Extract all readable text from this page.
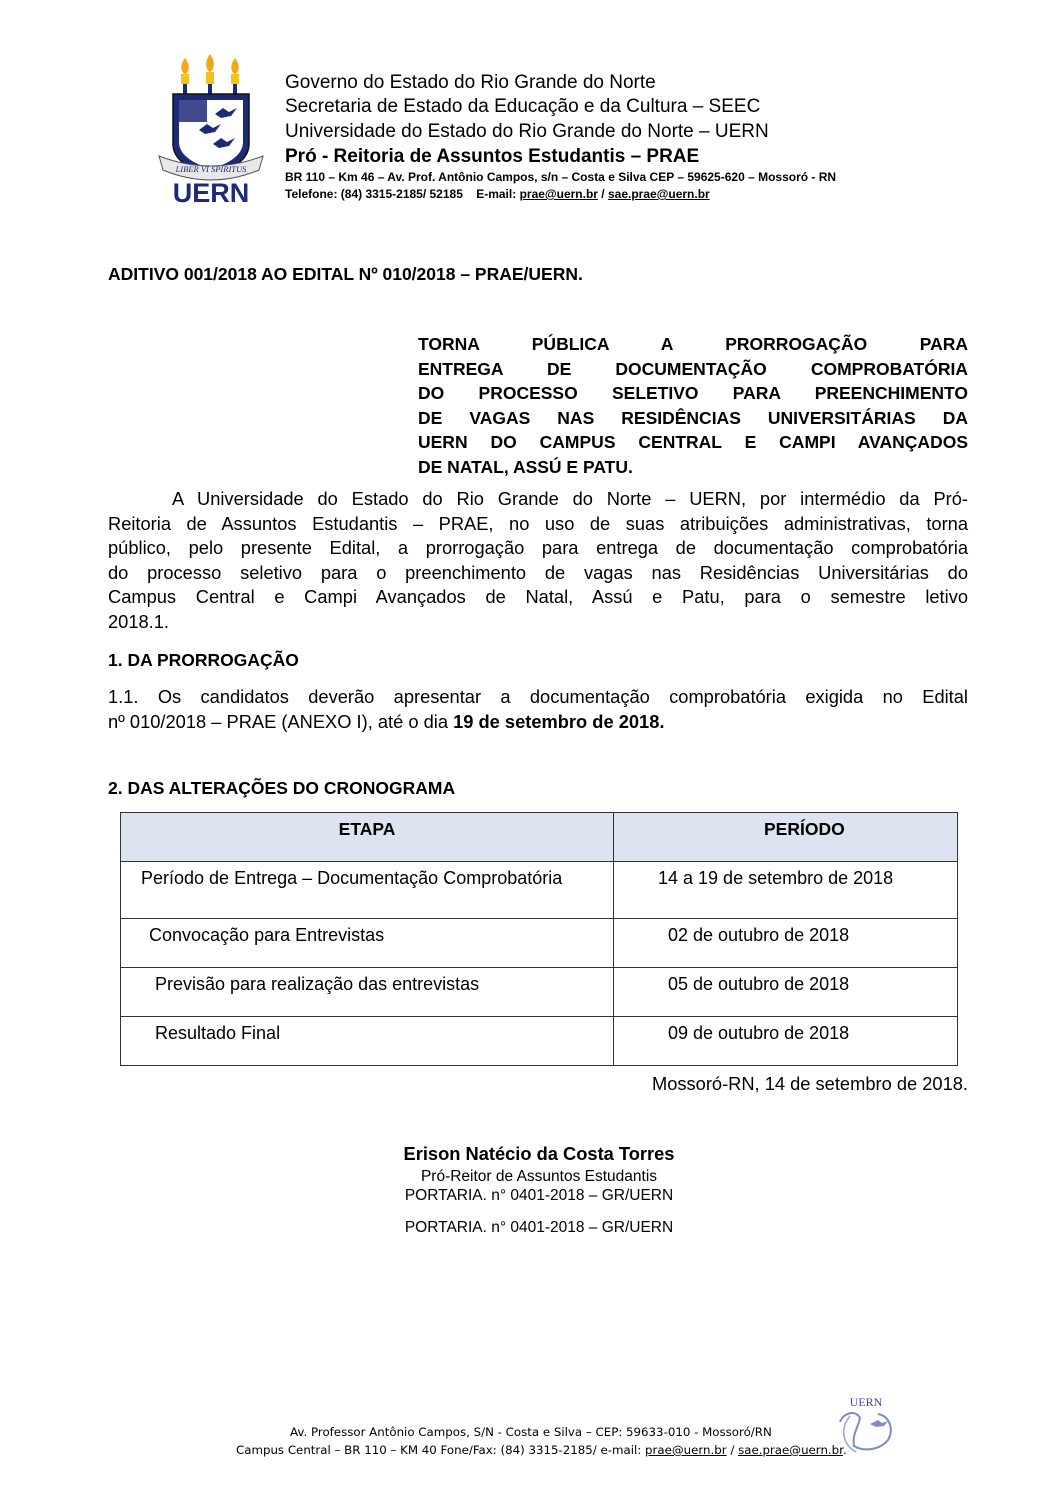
LIBER VI SPIRITUS
UERN
Governo do Estado do Rio Grande do Norte
Secretaria de Estado da Educação e da Cultura – SEEC
Universidade do Estado do Rio Grande do Norte – UERN
Pró - Reitoria de Assuntos Estudantis – PRAE
BR 110 – Km 46 – Av. Prof. Antônio Campos, s/n – Costa e Silva CEP – 59625-620 – Mossoró - RN
Telefone: (84) 3315-2185/ 52185    E-mail: prae@uern.br / sae.prae@uern.br
ADITIVO 001/2018 AO EDITAL Nº 010/2018 – PRAE/UERN.
TORNA PÚBLICA A PRORROGAÇÃO PARA
ENTREGA DE DOCUMENTAÇÃO COMPROBATÓRIA
DO PROCESSO SELETIVO PARA PREENCHIMENTO
DE VAGAS NAS RESIDÊNCIAS UNIVERSITÁRIAS DA
UERN DO CAMPUS CENTRAL E CAMPI AVANÇADOS
DE NATAL, ASSÚ E PATU.
A Universidade do Estado do Rio Grande do Norte – UERN, por intermédio da Pró-
Reitoria de Assuntos Estudantis – PRAE, no uso de suas atribuições administrativas, torna
público, pelo presente Edital, a prorrogação para entrega de documentação comprobatória
do processo seletivo para o preenchimento de vagas nas Residências Universitárias do
Campus Central e Campi Avançados de Natal, Assú e Patu, para o semestre letivo
2018.1.
1. DA PRORROGAÇÃO
1.1. Os candidatos deverão apresentar a documentação comprobatória exigida no Edital
nº 010/2018 – PRAE (ANEXO I), até o dia 19 de setembro de 2018.
2. DAS ALTERAÇÕES DO CRONOGRAMA
ETAPA	PERÍODO
Período de Entrega – Documentação Comprobatória	14 a 19 de setembro de 2018
Convocação para Entrevistas	02 de outubro de 2018
Previsão para realização das entrevistas	05 de outubro de 2018
Resultado Final	09 de outubro de 2018
Mossoró-RN, 14 de setembro de 2018.
Erison Natécio da Costa Torres
Pró-Reitor de Assuntos Estudantis
PORTARIA. n° 0401-2018 – GR/UERN
PORTARIA. n° 0401-2018 – GR/UERN
Av. Professor Antônio Campos, S/N - Costa e Silva – CEP: 59633-010 - Mossoró/RN
Campus Central – BR 110 – KM 40 Fone/Fax: (84) 3315-2185/ e-mail: prae@uern.br / sae.prae@uern.br.
UERN
